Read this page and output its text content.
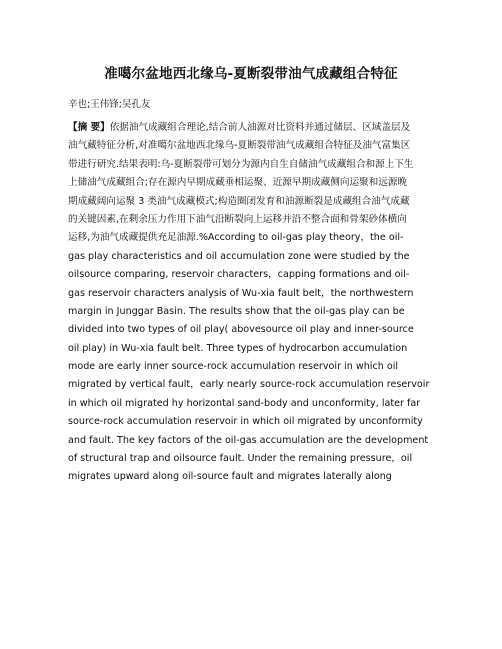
准噶尔盆地西北缘乌-夏断裂带油气成藏组合特征
辛也;王伟锋;吴孔友
【摘 要】依据油气成藏组合理论,结合前人油源对比资料并通过储层、区域盖层及
油气藏特征分析,对准噶尔盆地西北缘乌-夏断裂带油气成藏组合特征及油气富集区
带进行研究.结果表明:乌-夏断裂带可划分为源内自生自储油气成藏组合和源上下生
上储油气成藏组合;存在源内早期成藏垂相运聚、近源早期成藏侧向运聚和远源晚
期成藏阔向运聚 3 类油气成藏模式;构造圈闭发育和油源断裂是成藏组合油气成藏
的关键因素,在剩余压力作用下油气沿断裂向上运移并沿不整合面和骨架砂体横向
运移,为油气成藏提供充足油源.%According to oil-gas play theory，the oil-
gas play characteristics and oil accumulation zone were studied by the
oilsource comparing, reservoir characters，capping formations and oil-
gas reservoir characters analysis of Wu-xia fault belt，the northwestern
margin in Junggar Basin. The results show that the oil-gas play can be
divided into two types of oil play( abovesource oil play and inner-source
oil play) in Wu-xia fault belt. Three types of hydrocarbon accumulation
mode are early inner source-rock accumulation reservoir in which oil
migrated by vertical fault，early nearly source-rock accumulation reservoir
in which oil migrated hy horizontal sand-body and unconformity, later far
source-rock accumulation reservoir in which oil migrated by unconformity
and fault. The key factors of the oil-gas accumulation are the development
of structural trap and oilsource fault. Under the remaining pressure，oil
migrates upward along oil-source fault and migrates laterally along
